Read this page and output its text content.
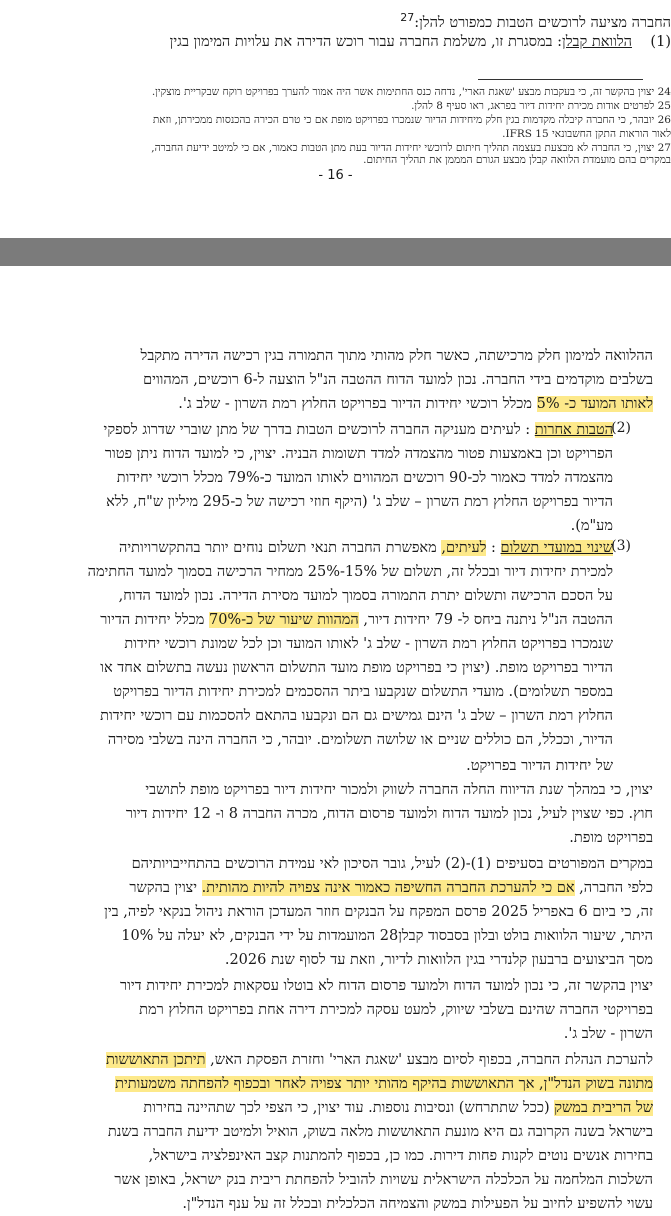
החברה מציעה לרוכשים הטבות כמפורט להלן:$^{27}$
(1)    הלוואת קבלן: במסגרת זו, משלמת החברה עבור רוכש הדירה את עלויות המימון בגין
24 יצוין בהקשר זה, כי בעקבות מבצע 'שאגת הארי', נדחה כנס החתימות אשר היה אמור להערך בפרויקט רוקח שבקריית מוצקין.
25 לפרטים אודות מכירת יחידות דיור בפראג, ראו סעיף 8 להלן.
26 יובהר, כי החברה קיבלה מקדמות בגין חלק מיחידות הדיור שנמכרו בפרויקט מופת אם כי טרם הכירה בהכנסות ממכירתן, וזאת
לאור הוראות התקן החשבונאי IFRS 15.
27 יצוין, כי החברה לא מבצעת בעצמה תהליך חיתום לרוכשי יחידות הדיור בעת מתן הטבות כאמור, אם כי למיטב ידיעת החברה,
במקרים בהם מועמדת הלוואה קבלן מבצע הגורם המממן את תהליך החיתום.
- 16 -
ההלוואה למימון חלק מרכישתה, כאשר חלק מהותי מתוך התמורה בגין רכישה הדירה מתקבל
בשלבים מוקדמים בידי החברה. נכון למועד הדוח ההטבה הנ"ל הוצעה ל-6 רוכשים, המהווים
לאותו המועד כ- 5% מכלל רוכשי יחידות הדיור בפרויקט החלוץ רמת השרון - שלב ג'.
הטבות אחרות : לעיתים מעניקה החברה לרוכשים הטבות בדרך של מתן שוברי שדרוג לספקי
הפרויקט וכן באמצעות פטור מהצמדה למדד תשומות הבניה. יצוין, כי למועד הדוח ניתן פטור
מהצמדה למדד כאמור לכ-90 רוכשים המהווים לאותו המועד כ-79% מכלל רוכשי יחידות
הדיור בפרויקט החלוץ רמת השרון – שלב ג' (היקף חוזי רכישה של כ-295 מיליון ש"ח, ללא
מע"מ).
שינוי במועדי תשלום : לעיתים, מאפשרת החברה תנאי תשלום נוחים יותר בהתקשרויותיה
למכירת יחידות דיור ובכלל זה, תשלום של 15%-25% ממחיר הרכישה בסמוך למועד החתימה
על הסכם הרכישה ותשלום יתרת התמורה בסמוך למועד מסירת הדירה. נכון למועד הדוח,
ההטבה הנ"ל ניתנה ביחס ל- 79 יחידות דיור, המהוות שיעור של כ-70% מכלל יחידות הדיור
שנמכרו בפרויקט החלוץ רמת השרון - שלב ג' לאותו המועד וכן לכל שמונת רוכשי יחידות
הדיור בפרויקט מופת. (יצוין כי בפרויקט מופת מועד התשלום הראשון נעשה בתשלום אחד או
במספר תשלומים). מועדי התשלום שנקבעו ביתר ההסכמים למכירת יחידות הדיור בפרויקט
החלוץ רמת השרון – שלב ג' הינם גמישים גם הם ונקבעו בהתאם להסכמות עם רוכשי יחידות
הדיור, וככלל, הם כוללים שניים או שלושה תשלומים. יובהר, כי החברה הינה בשלבי מסירה
של יחידות הדיור בפרויקט.
יצוין, כי במהלך שנת הדיווח החלה החברה לשווק ולמכור יחידות דיור בפרויקט מופת לתושבי
חוץ. כפי שצוין לעיל, נכון למועד הדוח ולמועד פרסום הדוח, מכרה החברה 8 ו- 12 יחידות דיור
בפרויקט מופת.
במקרים המפורטים בסעיפים (1)-(2) לעיל, גובר הסיכון לאי עמידת הרוכשים בהתחייבויותיהם
כלפי החברה, אם כי להערכת החברה החשיפה כאמור אינה צפויה להיות מהותית. יצוין בהקשר
זה, כי ביום 6 באפריל 2025 פרסם המפקח על הבנקים חוזר המעדכן הוראת ניהול בנקאי לפיה, בין
היתר, שיעור הלוואות בולט ובלון בסבסוד קבלן28 המועמדות על ידי הבנקים, לא יעלה על 10%
מסך הביצועים ברבעון קלנדרי בגין הלוואות לדיור, וזאת עד לסוף שנת 2026.
יצוין בהקשר זה, כי נכון למועד הדוח ולמועד פרסום הדוח לא בוטלו עסקאות למכירת יחידות דיור
בפרויקטי החברה שהינם בשלבי שיווק, למעט עסקה למכירת דירה אחת בפרויקט החלוץ רמת
השרון - שלב ג'.
להערכת הנהלת החברה, בכפוף לסיום מבצע 'שאגת הארי' וחזרת הפסקת האש, תיתכן התאוששות
מתונה בשוק הנדל"ן, אך התאוששות בהיקף מהותי יותר צפויה לאחר ובכפוף להפחתה משמעותית
של הריבית במשק (ככל שתתרחש) ונסיבות נוספות. עוד יצוין, כי הצפי לכך שתהיינה בחירות
בישראל בשנה הקרובה גם היא מונעת התאוששות מלאה בשוק, הואיל ולמיטב ידיעת החברה בשנת
בחירות אנשים נוטים לקנות פחות דירות. כמו כן, בכפוף להמתנות קצב האינפלציה בישראל,
השלכות המלחמה על הכלכלה הישראלית עשויות להוביל להפחתת ריבית בנק ישראל, באופן אשר
עשוי להשפיע לחיוב על הפעילות במשק והצמיחה הכלכלית ובכלל זה על ענף הנדל"ן.
(2)
(3)
